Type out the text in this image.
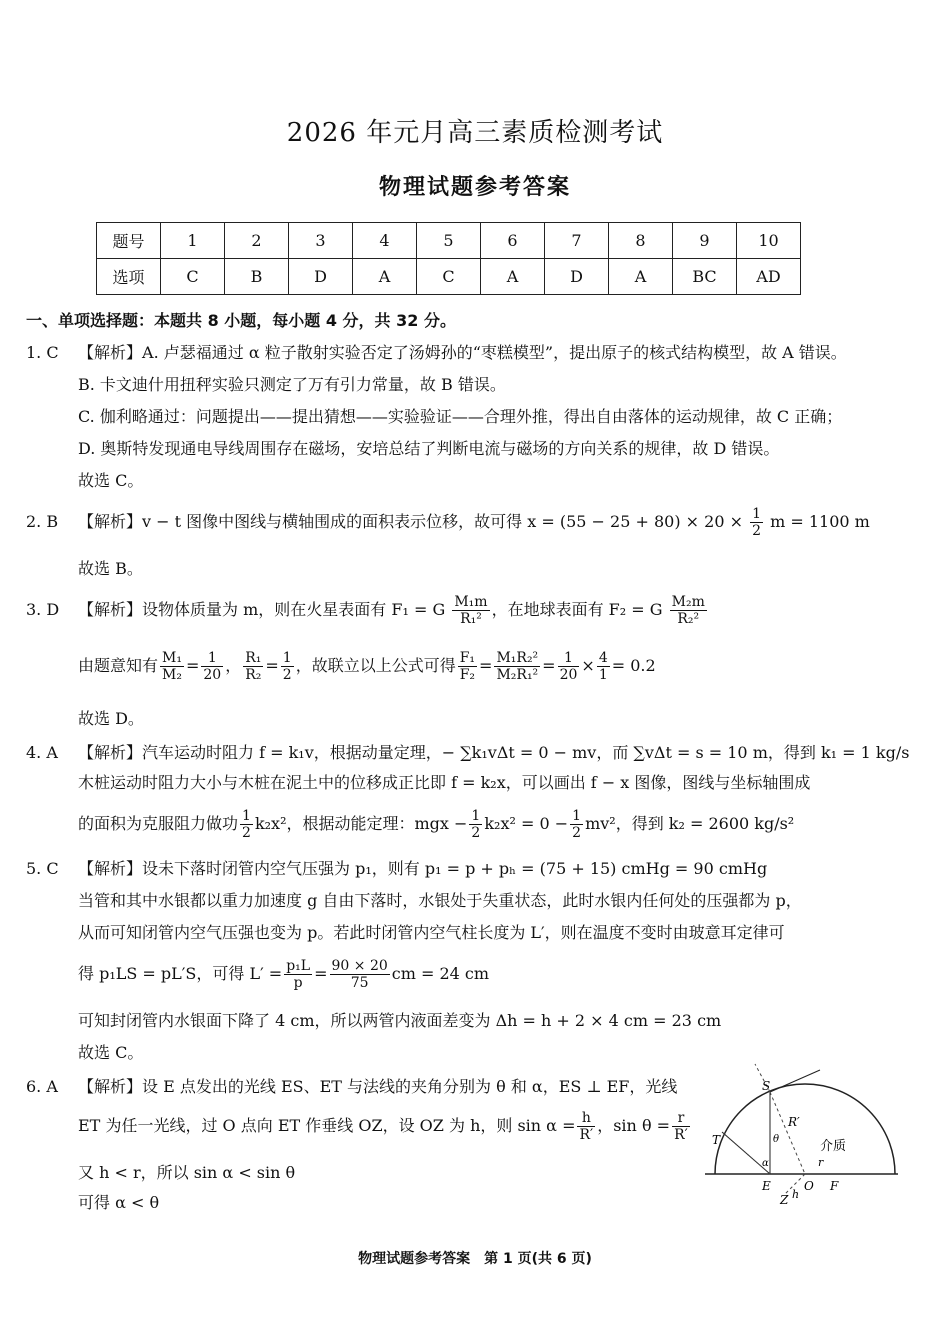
2026 年元月高三素质检测考试
物理试题参考答案
题号	1	2	3	4	5	6	7	8	9	10
选项	C	B	D	A	C	A	D	A	BC	AD
一、单项选择题：本题共 8 小题，每小题 4 分，共 32 分。
1. C 【解析】A. 卢瑟福通过 α 粒子散射实验否定了汤姆孙的“枣糕模型”，提出原子的核式结构模型，故 A 错误。
B. 卡文迪什用扭秤实验只测定了万有引力常量，故 B 错误。
C. 伽利略通过：问题提出——提出猜想——实验验证——合理外推，得出自由落体的运动规律，故 C 正确；
D. 奥斯特发现通电导线周围存在磁场，安培总结了判断电流与磁场的方向关系的规律，故 D 错误。
故选 C。
2. B 【解析】v − t 图像中图线与横轴围成的面积表示位移，故可得 $x = (55 - 25 + 80) \times 20 \times \frac{1}{2}$ m = 1100 m
故选 B。
3. D 【解析】设物体质量为 m，则在火星表面有 F₁ = G $\frac{\text{M₁m}}{\text{R₁²}}$ ，在地球表面有 F₂ = G $\frac{\text{M₂m}}{\text{R₂²}}$
由题意知有 $\frac{\text{M₁}}{\text{M₂}} = \frac{1}{20}$ ， $\frac{\text{R₁}}{\text{R₂}} = \frac{1}{2}$ ，故联立以上公式可得 $\frac{\text{F₁}}{\text{F₂}} = \frac{\text{M₁R₂²}}{\text{M₂R₁²}} = \frac{1}{20} \times \frac{4}{1} = 0.2$
故选 D。
4. A 【解析】汽车运动时阻力 f = k₁v，根据动量定理，− ∑k₁vΔt = 0 − mv，而 ∑vΔt = s = 10 m，得到 k₁ = 1 kg/s
木桩运动时阻力大小与木桩在泥土中的位移成正比即 f = k₂x，可以画出 f − x 图像，图线与坐标轴围成
的面积为克服阻力做功 $\frac{1}{2} k_2x^2$，根据动能定理：mgx − $\frac{1}{2} k_2x^2 = 0 - \frac{1}{2} mv^2$，得到 k₂ = 2600 kg/s²
5. C 【解析】设未下落时闭管内空气压强为 p₁，则有 p₁ = p + pₕ = (75 + 15) cmHg = 90 cmHg
当管和其中水银都以重力加速度 g 自由下落时，水银处于失重状态，此时水银内任何处的压强都为 p，
从而可知闭管内空气压强也变为 p。若此时闭管内空气柱长度为 L′，则在温度不变时由玻意耳定律可
得 p₁LS = pL′S，可得 $L' = \frac{\text{p₁L}}{p} = \frac{90 \times 20}{75}$ cm = 24 cm
可知封闭管内水银面下降了 4 cm，所以两管内液面差变为 Δh = h + 2 × 4 cm = 23 cm
故选 C。
6. A 【解析】设 E 点发出的光线 ES、ET 与法线的夹角分别为 θ 和 α，ES ⊥ EF，光线
ET 为任一光线，过 O 点向 ET 作垂线 OZ，设 OZ 为 h，则 $\sin \alpha = \frac{h}{R'}$ ，$\sin \theta = \frac{r}{R'}$
又 h < r，所以 sin α < sin θ
可得 α < θ
S
T
R′
θ
α
介质
r
E
Z h
O F
物理试题参考答案　第 1 页(共 6 页)
